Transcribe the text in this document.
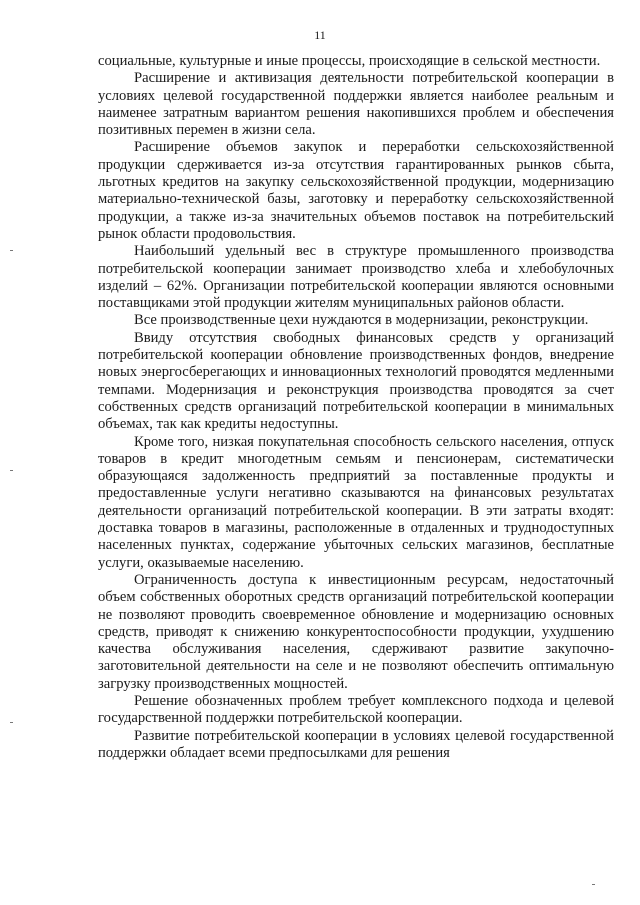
11

социальные, культурные и иные процессы, происходящие в сельской местности.

Расширение и активизация деятельности потребительской кооперации в условиях целевой государственной поддержки является наиболее реальным и наименее затратным вариантом решения накопившихся проблем и обеспечения позитивных перемен в жизни села.

Расширение объемов закупок и переработки сельскохозяйственной продукции сдерживается из-за отсутствия гарантированных рынков сбыта, льготных кредитов на закупку сельскохозяйственной продукции, модернизацию материально-технической базы, заготовку и переработку сельскохозяйственной продукции, а также из-за значительных объемов поставок на потребительский рынок области продовольствия.

Наибольший удельный вес в структуре промышленного производства потребительской кооперации занимает производство хлеба и хлебобулочных изделий – 62%. Организации потребительской кооперации являются основными поставщиками этой продукции жителям муниципальных районов области.

Все производственные цехи нуждаются в модернизации, реконструкции.

Ввиду отсутствия свободных финансовых средств у организаций потребительской кооперации обновление производственных фондов, внедрение новых энергосберегающих и инновационных технологий проводятся медленными темпами. Модернизация и реконструкция производства проводятся за счет собственных средств организаций потребительской кооперации в минимальных объемах, так как кредиты недоступны.

Кроме того, низкая покупательная способность сельского населения, отпуск товаров в кредит многодетным семьям и пенсионерам, систематически образующаяся задолженность предприятий за поставленные продукты и предоставленные услуги негативно сказываются на финансовых результатах деятельности организаций потребительской кооперации. В эти затраты входят: доставка товаров в магазины, расположенные в отдаленных и труднодоступных населенных пунктах, содержание убыточных сельских магазинов, бесплатные услуги, оказываемые населению.

Ограниченность доступа к инвестиционным ресурсам, недостаточный объем собственных оборотных средств организаций потребительской кооперации не позволяют проводить своевременное обновление и модернизацию основных средств, приводят к снижению конкурентоспособности продукции, ухудшению качества обслуживания населения, сдерживают развитие закупочно-заготовительной деятельности на селе и не позволяют обеспечить оптимальную загрузку производственных мощностей.

Решение обозначенных проблем требует комплексного подхода и целевой государственной поддержки потребительской кооперации.

Развитие потребительской кооперации в условиях целевой государственной поддержки обладает всеми предпосылками для решения
